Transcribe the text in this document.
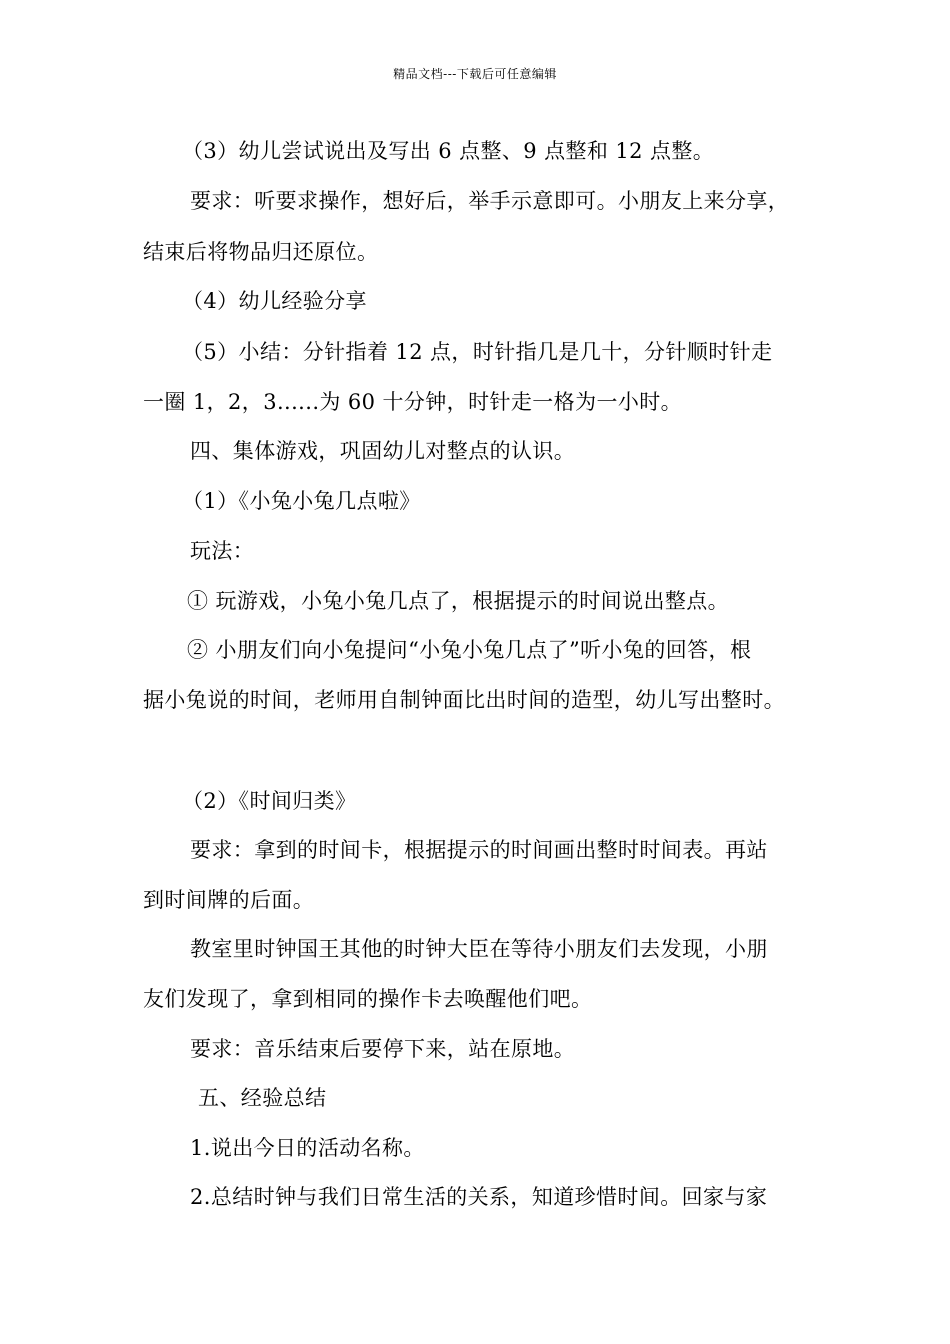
精品文档---下载后可任意编辑
（3）幼儿尝试说出及写出 6 点整、9 点整和 12 点整。
要求：听要求操作，想好后，举手示意即可。小朋友上来分享，
结束后将物品归还原位。
（4）幼儿经验分享
（5）小结：分针指着 12 点，时针指几是几十，分针顺时针走
一圈 1，2，3......为 60 十分钟，时针走一格为一小时。
四、集体游戏，巩固幼儿对整点的认识。
（1）《小兔小兔几点啦》
玩法：
① 玩游戏，小兔小兔几点了，根据提示的时间说出整点。
② 小朋友们向小兔提问“小兔小兔几点了”听小兔的回答，根
据小兔说的时间，老师用自制钟面比出时间的造型，幼儿写出整时。
（2）《时间归类》
要求：拿到的时间卡，根据提示的时间画出整时时间表。再站
到时间牌的后面。
教室里时钟国王其他的时钟大臣在等待小朋友们去发现，小朋
友们发现了，拿到相同的操作卡去唤醒他们吧。
要求：音乐结束后要停下来，站在原地。
五、经验总结
1.说出今日的活动名称。
2.总结时钟与我们日常生活的关系，知道珍惜时间。回家与家
